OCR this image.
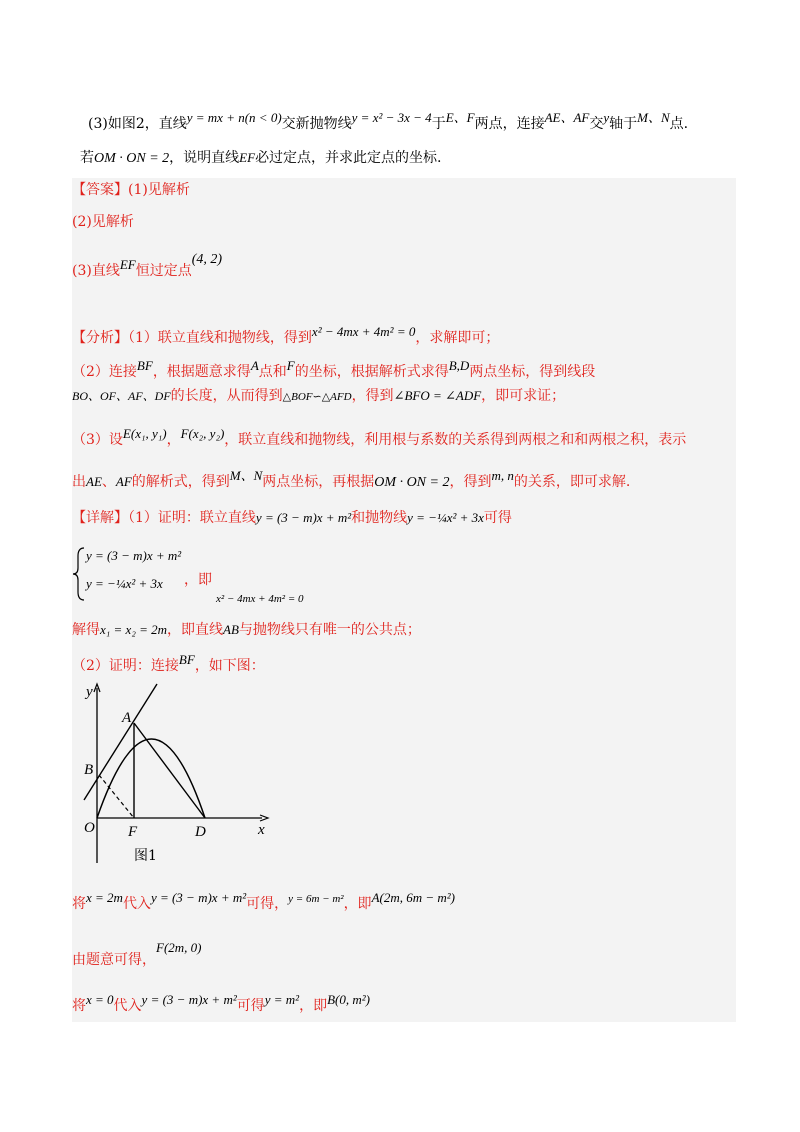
(3)如图2，直线y = mx + n(n < 0)交新抛物线y = x² − 3x − 4于E、F两点，连接AE、AF交y轴于M、N点.
若OM · ON = 2，说明直线EF必过定点，并求此定点的坐标.
【答案】(1)见解析
(2)见解析
(3)直线EF恒过定点(4, 2)
【分析】（1）联立直线和抛物线，得到x² − 4mx + 4m² = 0，求解即可；
（2）连接BF，根据题意求得A点和F的坐标，根据解析式求得B,D两点坐标，得到线段
BO、OF、AF、DF的长度，从而得到△BOF∽△AFD，得到∠BFO = ∠ADF，即可求证；
（3）设E(x₁, y₁)，F(x₂, y₂)，联立直线和抛物线，利用根与系数的关系得到两根之和和两根之积，表示
出AE、AF的解析式，得到M、N两点坐标，再根据OM · ON = 2，得到m, n的关系，即可求解.
【详解】（1）证明：联立直线y = (3 − m)x + m²和抛物线y = −¼x² + 3x可得
y = (3 − m)x + m²
y = −¼x² + 3x ，即
x² − 4mx + 4m² = 0
解得x₁ = x₂ = 2m，即直线AB与抛物线只有唯一的公共点；
（2）证明：连接BF，如下图：
y
x
A
B
O F	D
图1
将x = 2m代入y = (3 − m)x + m²可得，$^{y = 6m - m^2}$，即A(2m, 6m − m²)
由题意可得，F(2m, 0)
将x = 0代入y = (3 − m)x + m²可得y = m²，即B(0, m²)
